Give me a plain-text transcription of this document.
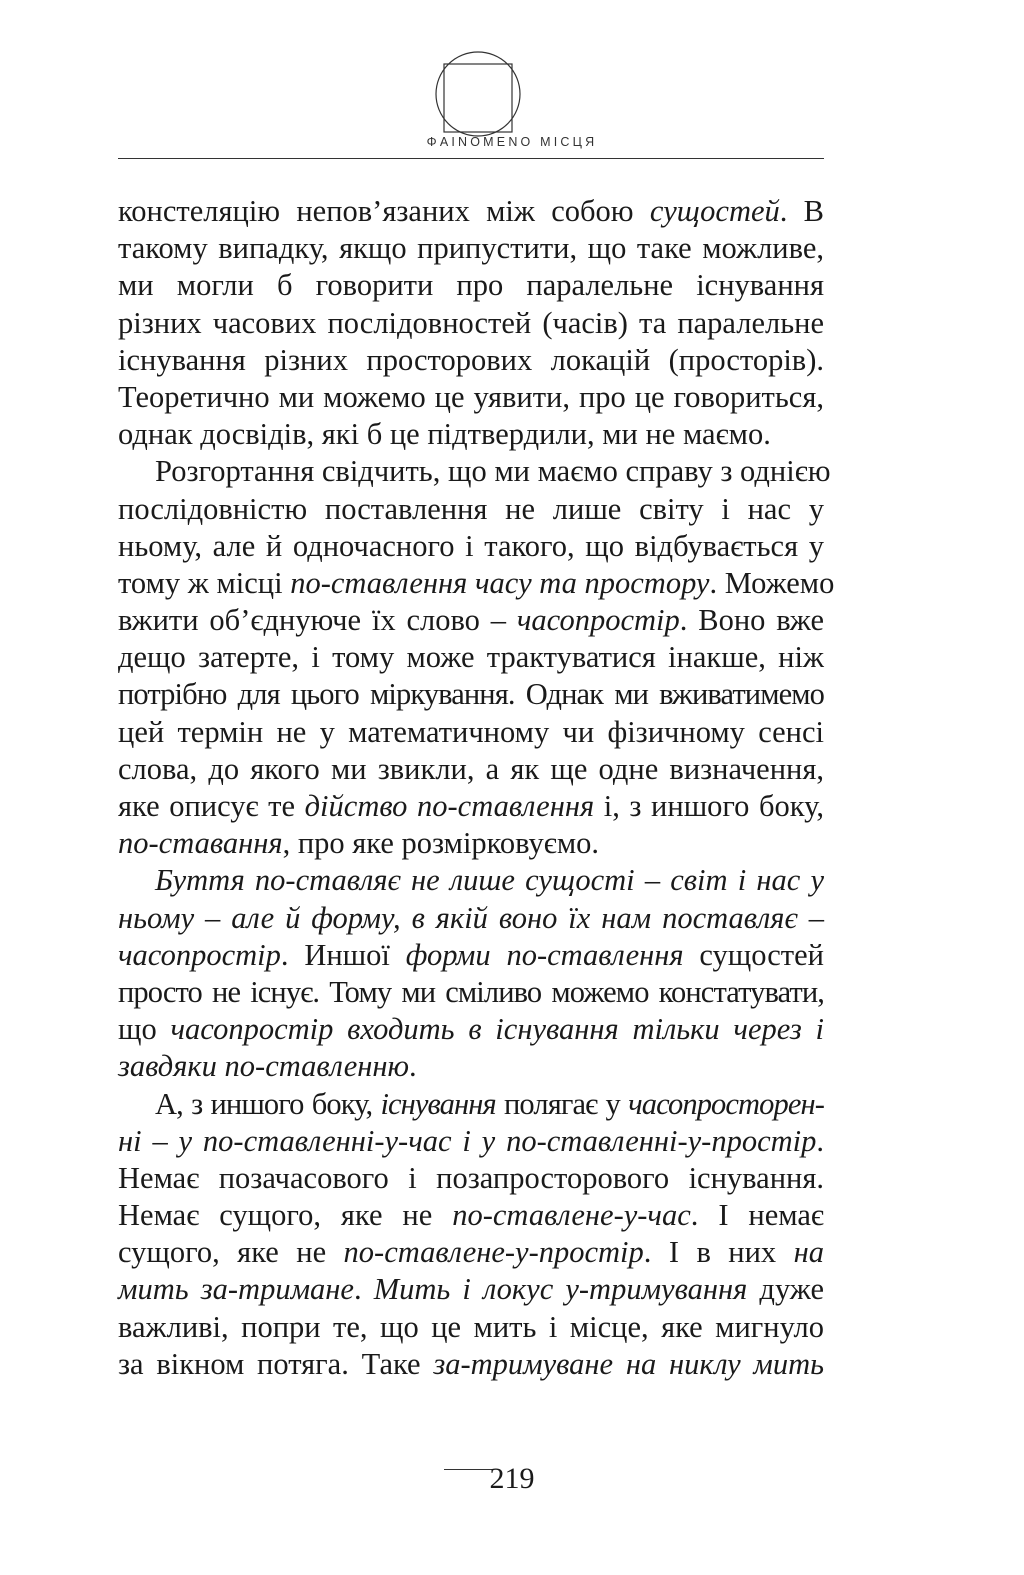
ΦAINOMENO МІСЦЯ
констеляцію непов’язаних між собою сущостей. В
такому випадку, якщо припустити, що таке можливе,
ми могли б говорити про паралельне існування
різних часових послідовностей (часів) та паралельне
існування різних просторових локацій (просторів).
Теоретично ми можемо це уявити, про це говориться,
однак досвідів, які б це підтвердили, ми не маємо.
Розгортання свідчить, що ми маємо справу з однією
послідовністю поставлення не лише світу і нас у
ньому, але й одночасного і такого, що відбувається у
тому ж місці по-ставлення часу та простору. Можемо
вжити об’єднуюче їх слово – часопростір. Воно вже
дещо затерте, і тому може трактуватися інакше, ніж
потрібно для цього міркування. Однак ми вживатимемо
цей термін не у математичному чи фізичному сенсі
слова, до якого ми звикли, а як ще одне визначення,
яке описує те дійство по-ставлення і, з иншого боку,
по-ставання, про яке розмірковуємо.
Буття по-ставляє не лише сущості – світ і нас у
ньому – але й форму, в якій воно їх нам поставляє –
часопростір. Иншої форми по-ставлення сущостей
просто не існує. Тому ми сміливо можемо констатувати,
що часопростір входить в існування тільки через і
завдяки по-ставленню.
А, з иншого боку, існування полягає у часопросторен-
ні – у по-ставленні-у-час і у по-ставленні-у-простір.
Немає позачасового і позапросторового існування.
Немає сущого, яке не по-ставлене-у-час. І немає
сущого, яке не по-ставлене-у-простір. І в них на
мить за-тримане. Мить і локус у-тримування дуже
важливі, попри те, що це мить і місце, яке мигнуло
за вікном потяга. Таке за-тримуване на никлу мить
219
